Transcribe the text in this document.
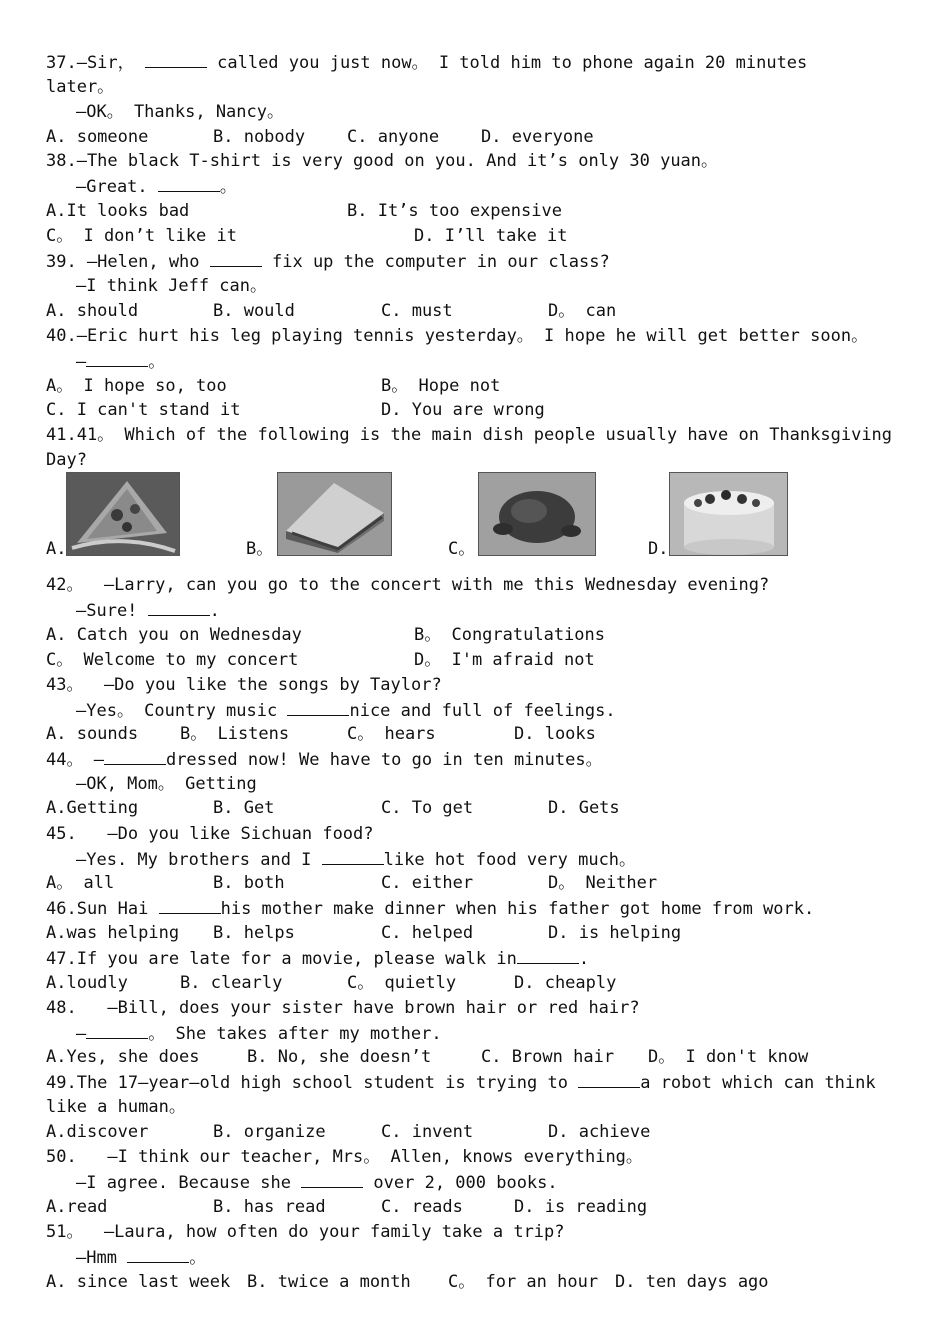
37.—Sir，	called you just now。 I told him to phone again 20 minutes
later。
—OK。 Thanks, Nancy。
A. someone	B. nobody C. anyone D. everyone
38.—The black T-shirt is very good on you. And it’s only 30 yuan。
—Great.	。
A.It looks bad	B. It’s too expensive
C。 I don’t like it	D. I’ll take it
39. —Helen, who	fix up the computer in our class?
—I think Jeff can。
A. should	B. would	C. must	D。 can
40.—Eric hurt his leg playing tennis yesterday。 I hope he will get better soon。
—	。
A。 I hope so, too	B。 Hope not
C. I can't stand it	D. You are wrong
41.41。 Which of the following is the main dish people usually have on Thanksgiving
Day?
A.	B。	C。	D.
42。  —Larry, can you go to the concert with me this Wednesday evening?
—Sure!	.
A. Catch you on Wednesday	B。 Congratulations
C。 Welcome to my concert	D。 I'm afraid not
43。  —Do you like the songs by Taylor?
—Yes。 Country music	nice and full of feelings.
A. sounds B。 Listens	C。 hears	D. looks
44。 —	dressed now! We have to go in ten minutes。
—OK, Mom。 Getting
A.Getting	B. Get	C. To get	D. Gets
45.   —Do you like Sichuan food?
—Yes. My brothers and I	like hot food very much。
A。 all	B. both	C. either	D。 Neither
46.Sun Hai	his mother make dinner when his father got home from work.
A.was helping B. helps	C. helped	D. is helping
47.If you are late for a movie, please walk in	.
A.loudly	B. clearly	C。 quietly	D. cheaply
48.   —Bill, does your sister have brown hair or red hair?
—	。 She takes after my mother.
A.Yes, she does	B. No, she doesn’t	C. Brown hair D。 I don't know
49.The 17—year—old high school student is trying to	a robot which can think
like a human。
A.discover	B. organize	C. invent	D. achieve
50.   —I think our teacher, Mrs。 Allen, knows everything。
—I agree. Because she	over 2, 000 books.
A.read	B. has read	C. reads	D. is reading
51。  —Laura, how often do your family take a trip?
—Hmm	。
A. since last week B. twice a month C。 for an hour D. ten days ago
